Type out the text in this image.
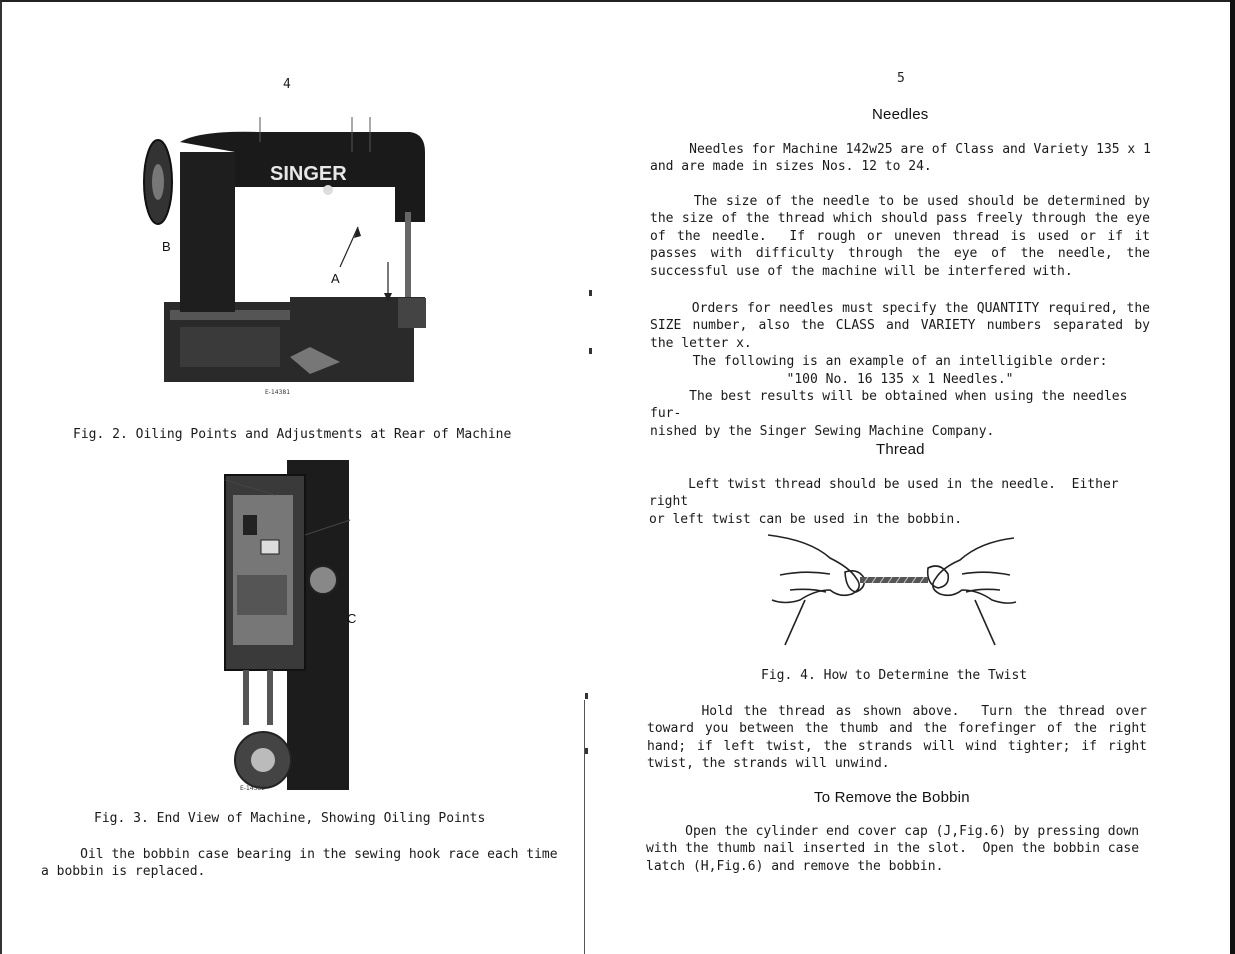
4
SINGER
B
A
E-14381
Fig. 2. Oiling Points and Adjustments at Rear of Machine
C
E-14382
Fig. 3. End View of Machine, Showing Oiling Points
Oil the bobbin case bearing in the sewing hook race each time
a bobbin is replaced.
5
Needles
Needles for Machine 142w25 are of Class and Variety 135 x 1
and are made in sizes Nos. 12 to 24.
The size of the needle to be used should be determined by the size of the thread which should pass freely through the eye of the needle.  If rough or uneven thread is used or if it passes with difficulty through the eye of the needle, the successful use of the machine will be interfered with.
Orders for needles must specify the QUANTITY required, the SIZE number, also the CLASS and VARIETY numbers separated by the letter x.
The following is an example of an intelligible order:
"100 No. 16 135 x 1 Needles."
The best results will be obtained when using the needles fur-
nished by the Singer Sewing Machine Company.
Thread
Left twist thread should be used in the needle.  Either right
or left twist can be used in the bobbin.
Fig. 4. How to Determine the Twist
Hold the thread as shown above.  Turn the thread over toward you between the thumb and the forefinger of the right hand; if left twist, the strands will wind tighter; if right twist, the strands will unwind.
To Remove the Bobbin
Open the cylinder end cover cap (J,Fig.6) by pressing down
with the thumb nail inserted in the slot.  Open the bobbin case
latch (H,Fig.6) and remove the bobbin.
